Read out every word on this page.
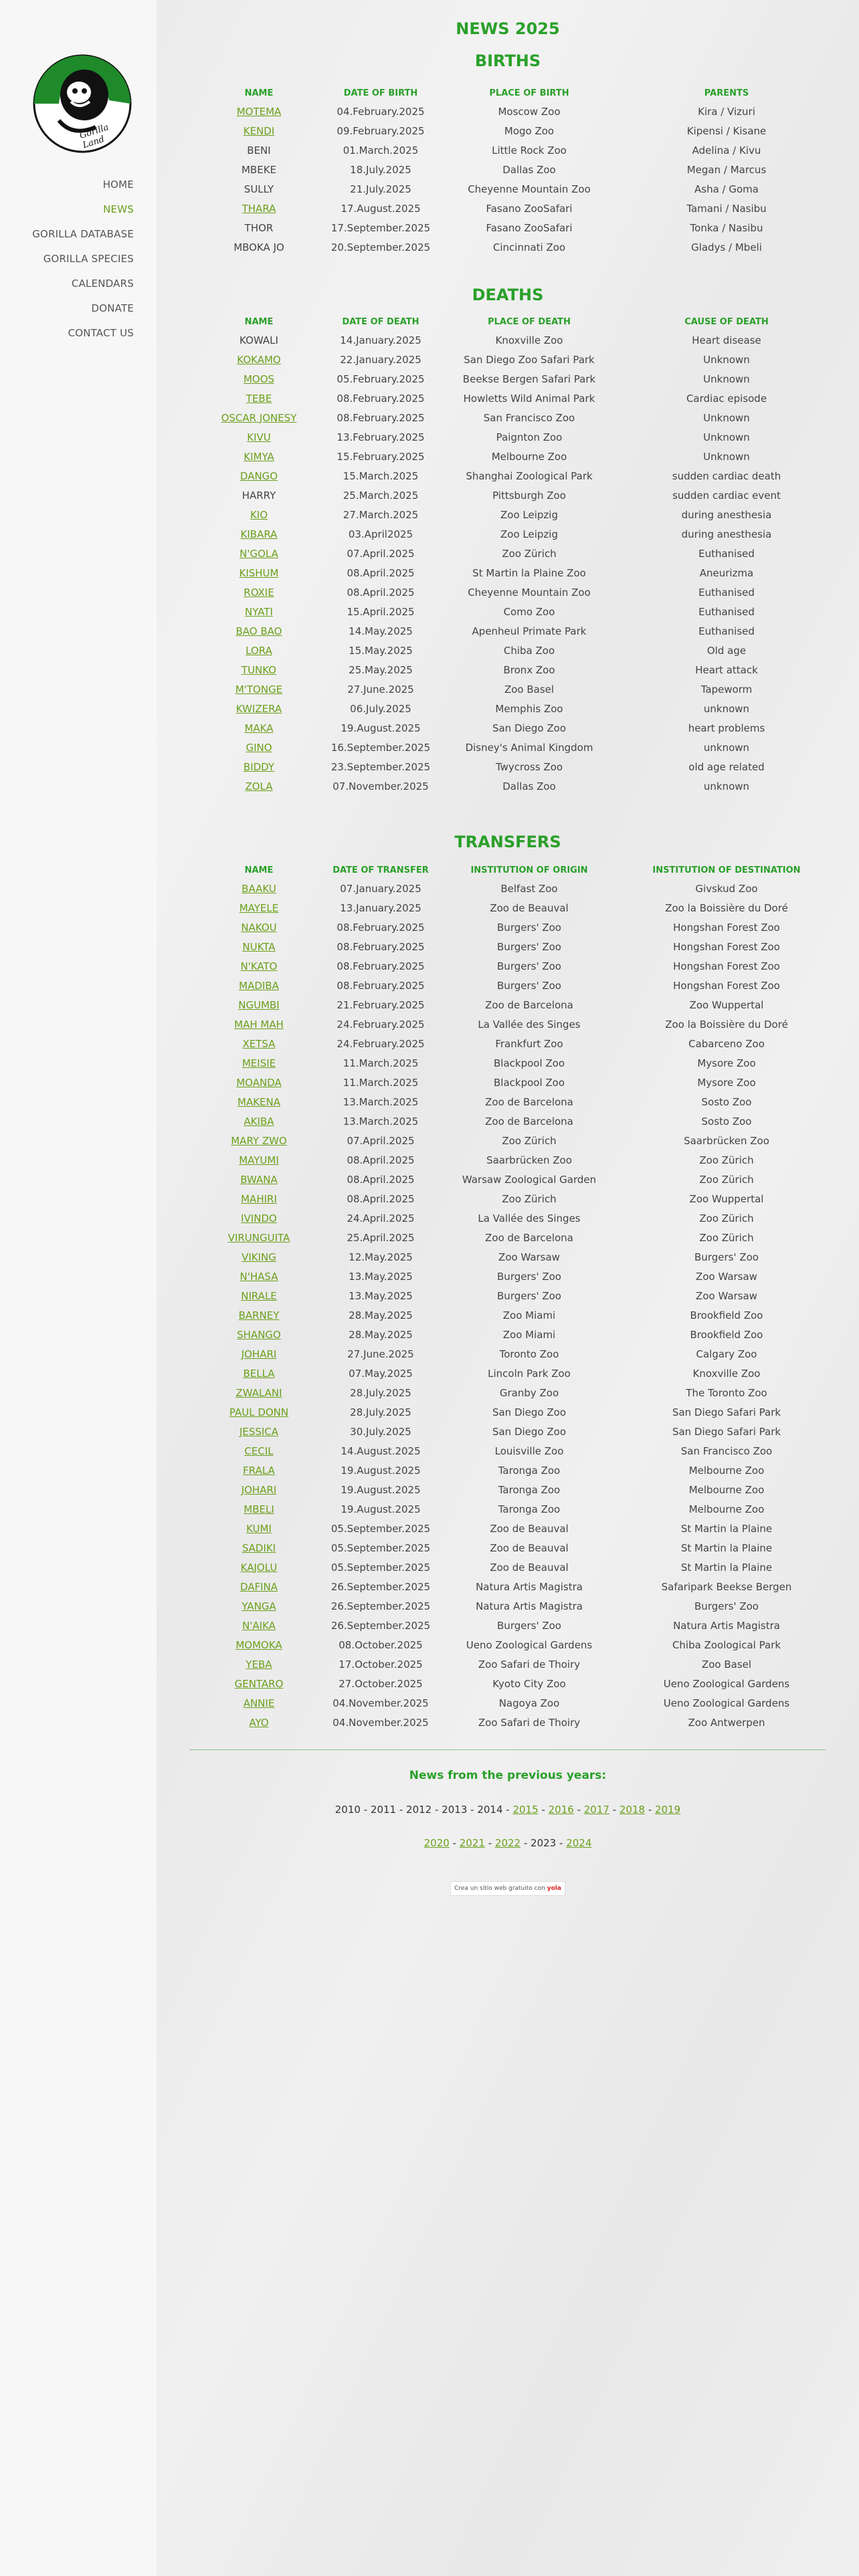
Gorilla Land
HOME
NEWS
GORILLA DATABASE
GORILLA SPECIES
CALENDARS
DONATE
CONTACT US
NEWS 2025
BIRTHS
NAME	DATE OF BIRTH	PLACE OF BIRTH	PARENTS
MOTEMA	04.February.2025	Moscow Zoo	Kira / Vizuri
KENDI	09.February.2025	Mogo Zoo	Kipensi / Kisane
BENI	01.March.2025	Little Rock Zoo	Adelina / Kivu
MBEKE	18.July.2025	Dallas Zoo	Megan / Marcus
SULLY	21.July.2025	Cheyenne Mountain Zoo	Asha / Goma
THARA	17.August.2025	Fasano ZooSafari	Tamani / Nasibu
THOR	17.September.2025	Fasano ZooSafari	Tonka / Nasibu
MBOKA JO	20.September.2025	Cincinnati Zoo	Gladys / Mbeli
DEATHS
NAME	DATE OF DEATH	PLACE OF DEATH	CAUSE OF DEATH
KOWALI	14.January.2025	Knoxville Zoo	Heart disease
KOKAMO	22.January.2025	San Diego Zoo Safari Park	Unknown
MOOS	05.February.2025	Beekse Bergen Safari Park	Unknown
TEBE	08.February.2025	Howletts Wild Animal Park	Cardiac episode
OSCAR JONESY	08.February.2025	San Francisco Zoo	Unknown
KIVU	13.February.2025	Paignton Zoo	Unknown
KIMYA	15.February.2025	Melbourne Zoo	Unknown
DANGO	15.March.2025	Shanghai Zoological Park	sudden cardiac death
HARRY	25.March.2025	Pittsburgh Zoo	sudden cardiac event
KIO	27.March.2025	Zoo Leipzig	during anesthesia
KIBARA	03.April2025	Zoo Leipzig	during anesthesia
N'GOLA	07.April.2025	Zoo Zürich	Euthanised
KISHUM	08.April.2025	St Martin la Plaine Zoo	Aneurizma
ROXIE	08.April.2025	Cheyenne Mountain Zoo	Euthanised
NYATI	15.April.2025	Como Zoo	Euthanised
BAO BAO	14.May.2025	Apenheul Primate Park	Euthanised
LORA	15.May.2025	Chiba Zoo	Old age
TUNKO	25.May.2025	Bronx Zoo	Heart attack
M'TONGE	27.June.2025	Zoo Basel	Tapeworm
KWIZERA	06.July.2025	Memphis Zoo	unknown
MAKA	19.August.2025	San Diego Zoo	heart problems
GINO	16.September.2025	Disney's Animal Kingdom	unknown
BIDDY	23.September.2025	Twycross Zoo	old age related
ZOLA	07.November.2025	Dallas Zoo	unknown
TRANSFERS
NAME	DATE OF TRANSFER	INSTITUTION OF ORIGIN	INSTITUTION OF DESTINATION
BAAKU	07.January.2025	Belfast Zoo	Givskud Zoo
MAYELE	13.January.2025	Zoo de Beauval	Zoo la Boissière du Doré
NAKOU	08.February.2025	Burgers' Zoo	Hongshan Forest Zoo
NUKTA	08.February.2025	Burgers' Zoo	Hongshan Forest Zoo
N'KATO	08.February.2025	Burgers' Zoo	Hongshan Forest Zoo
MADIBA	08.February.2025	Burgers' Zoo	Hongshan Forest Zoo
NGUMBI	21.February.2025	Zoo de Barcelona	Zoo Wuppertal
MAH MAH	24.February.2025	La Vallée des Singes	Zoo la Boissière du Doré
XETSA	24.February.2025	Frankfurt Zoo	Cabarceno Zoo
MEISIE	11.March.2025	Blackpool Zoo	Mysore Zoo
MOANDA	11.March.2025	Blackpool Zoo	Mysore Zoo
MAKENA	13.March.2025	Zoo de Barcelona	Sosto Zoo
AKIBA	13.March.2025	Zoo de Barcelona	Sosto Zoo
MARY ZWO	07.April.2025	Zoo Zürich	Saarbrücken Zoo
MAYUMI	08.April.2025	Saarbrücken Zoo	Zoo Zürich
BWANA	08.April.2025	Warsaw Zoological Garden	Zoo Zürich
MAHIRI	08.April.2025	Zoo Zürich	Zoo Wuppertal
IVINDO	24.April.2025	La Vallée des Singes	Zoo Zürich
VIRUNGUITA	25.April.2025	Zoo de Barcelona	Zoo Zürich
VIKING	12.May.2025	Zoo Warsaw	Burgers' Zoo
N'HASA	13.May.2025	Burgers' Zoo	Zoo Warsaw
NIRALE	13.May.2025	Burgers' Zoo	Zoo Warsaw
BARNEY	28.May.2025	Zoo Miami	Brookfield Zoo
SHANGO	28.May.2025	Zoo Miami	Brookfield Zoo
JOHARI	27.June.2025	Toronto Zoo	Calgary Zoo
BELLA	07.May.2025	Lincoln Park Zoo	Knoxville Zoo
ZWALANI	28.July.2025	Granby Zoo	The Toronto Zoo
PAUL DONN	28.July.2025	San Diego Zoo	San Diego Safari Park
JESSICA	30.July.2025	San Diego Zoo	San Diego Safari Park
CECIL	14.August.2025	Louisville Zoo	San Francisco Zoo
FRALA	19.August.2025	Taronga Zoo	Melbourne Zoo
JOHARI	19.August.2025	Taronga Zoo	Melbourne Zoo
MBELI	19.August.2025	Taronga Zoo	Melbourne Zoo
KUMI	05.September.2025	Zoo de Beauval	St Martin la Plaine
SADIKI	05.September.2025	Zoo de Beauval	St Martin la Plaine
KAJOLU	05.September.2025	Zoo de Beauval	St Martin la Plaine
DAFINA	26.September.2025	Natura Artis Magistra	Safaripark Beekse Bergen
YANGA	26.September.2025	Natura Artis Magistra	Burgers' Zoo
N'AIKA	26.September.2025	Burgers' Zoo	Natura Artis Magistra
MOMOKA	08.October.2025	Ueno Zoological Gardens	Chiba Zoological Park
YEBA	17.October.2025	Zoo Safari de Thoiry	Zoo Basel
GENTARO	27.October.2025	Kyoto City Zoo	Ueno Zoological Gardens
ANNIE	04.November.2025	Nagoya Zoo	Ueno Zoological Gardens
AYO	04.November.2025	Zoo Safari de Thoiry	Zoo Antwerpen
News from the previous years:
2010 - 2011 - 2012 - 2013 - 2014 - 2015 - 2016 - 2017 - 2018 - 2019
2020 - 2021 - 2022 - 2023 - 2024
Crea un sitio web gratuito con yola
